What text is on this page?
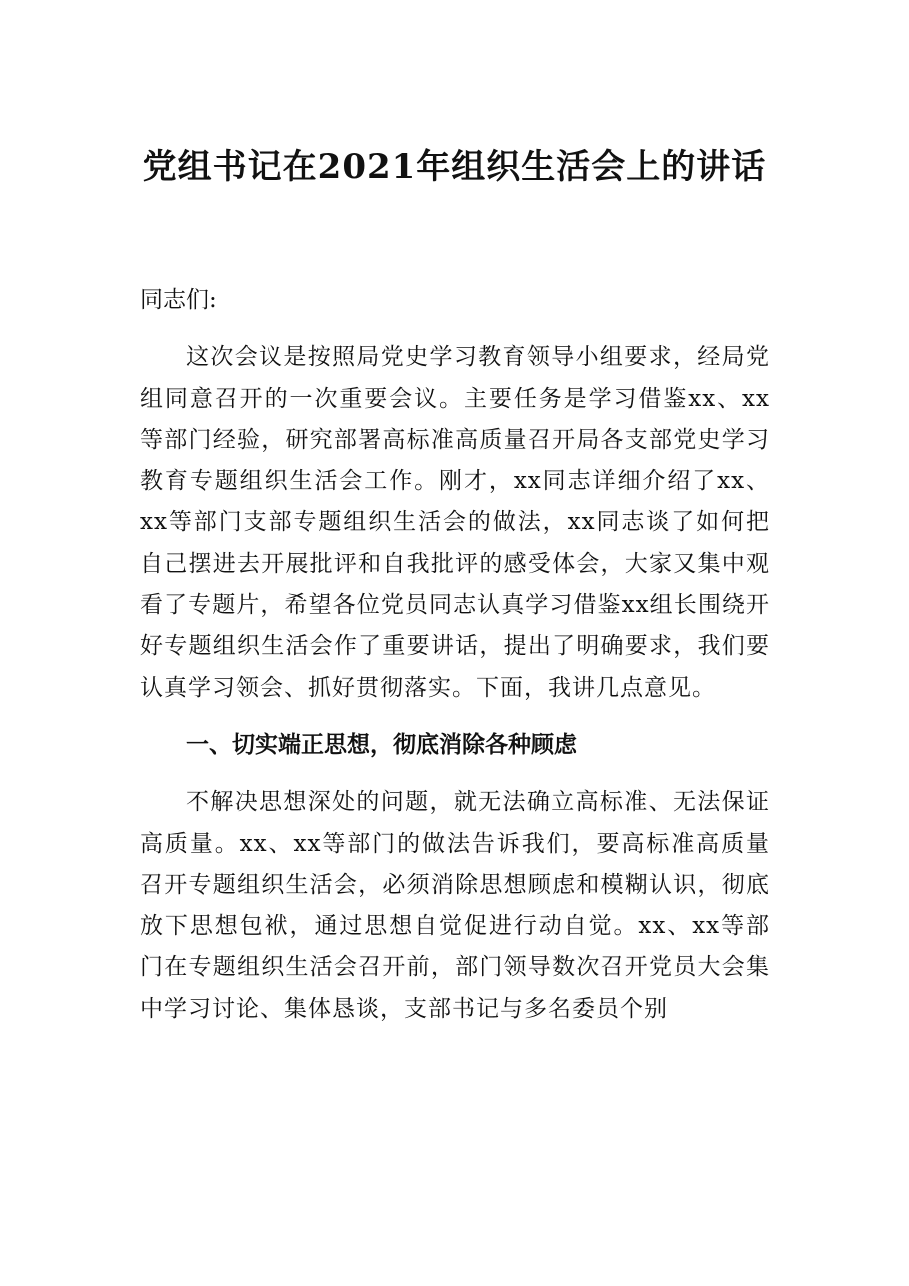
党组书记在2021年组织生活会上的讲话

同志们:

这次会议是按照局党史学习教育领导小组要求，经局党组同意召开的一次重要会议。主要任务是学习借鉴xx、xx等部门经验，研究部署高标准高质量召开局各支部党史学习教育专题组织生活会工作。刚才，xx同志详细介绍了xx、xx等部门支部专题组织生活会的做法，xx同志谈了如何把自己摆进去开展批评和自我批评的感受体会，大家又集中观看了专题片，希望各位党员同志认真学习借鉴xx组长围绕开好专题组织生活会作了重要讲话，提出了明确要求，我们要认真学习领会、抓好贯彻落实。下面，我讲几点意见。

一、切实端正思想，彻底消除各种顾虑

不解决思想深处的问题，就无法确立高标准、无法保证高质量。xx、xx等部门的做法告诉我们，要高标准高质量召开专题组织生活会，必须消除思想顾虑和模糊认识，彻底放下思想包袱，通过思想自觉促进行动自觉。xx、xx等部门在专题组织生活会召开前，部门领导数次召开党员大会集中学习讨论、集体恳谈，支部书记与多名委员个别
